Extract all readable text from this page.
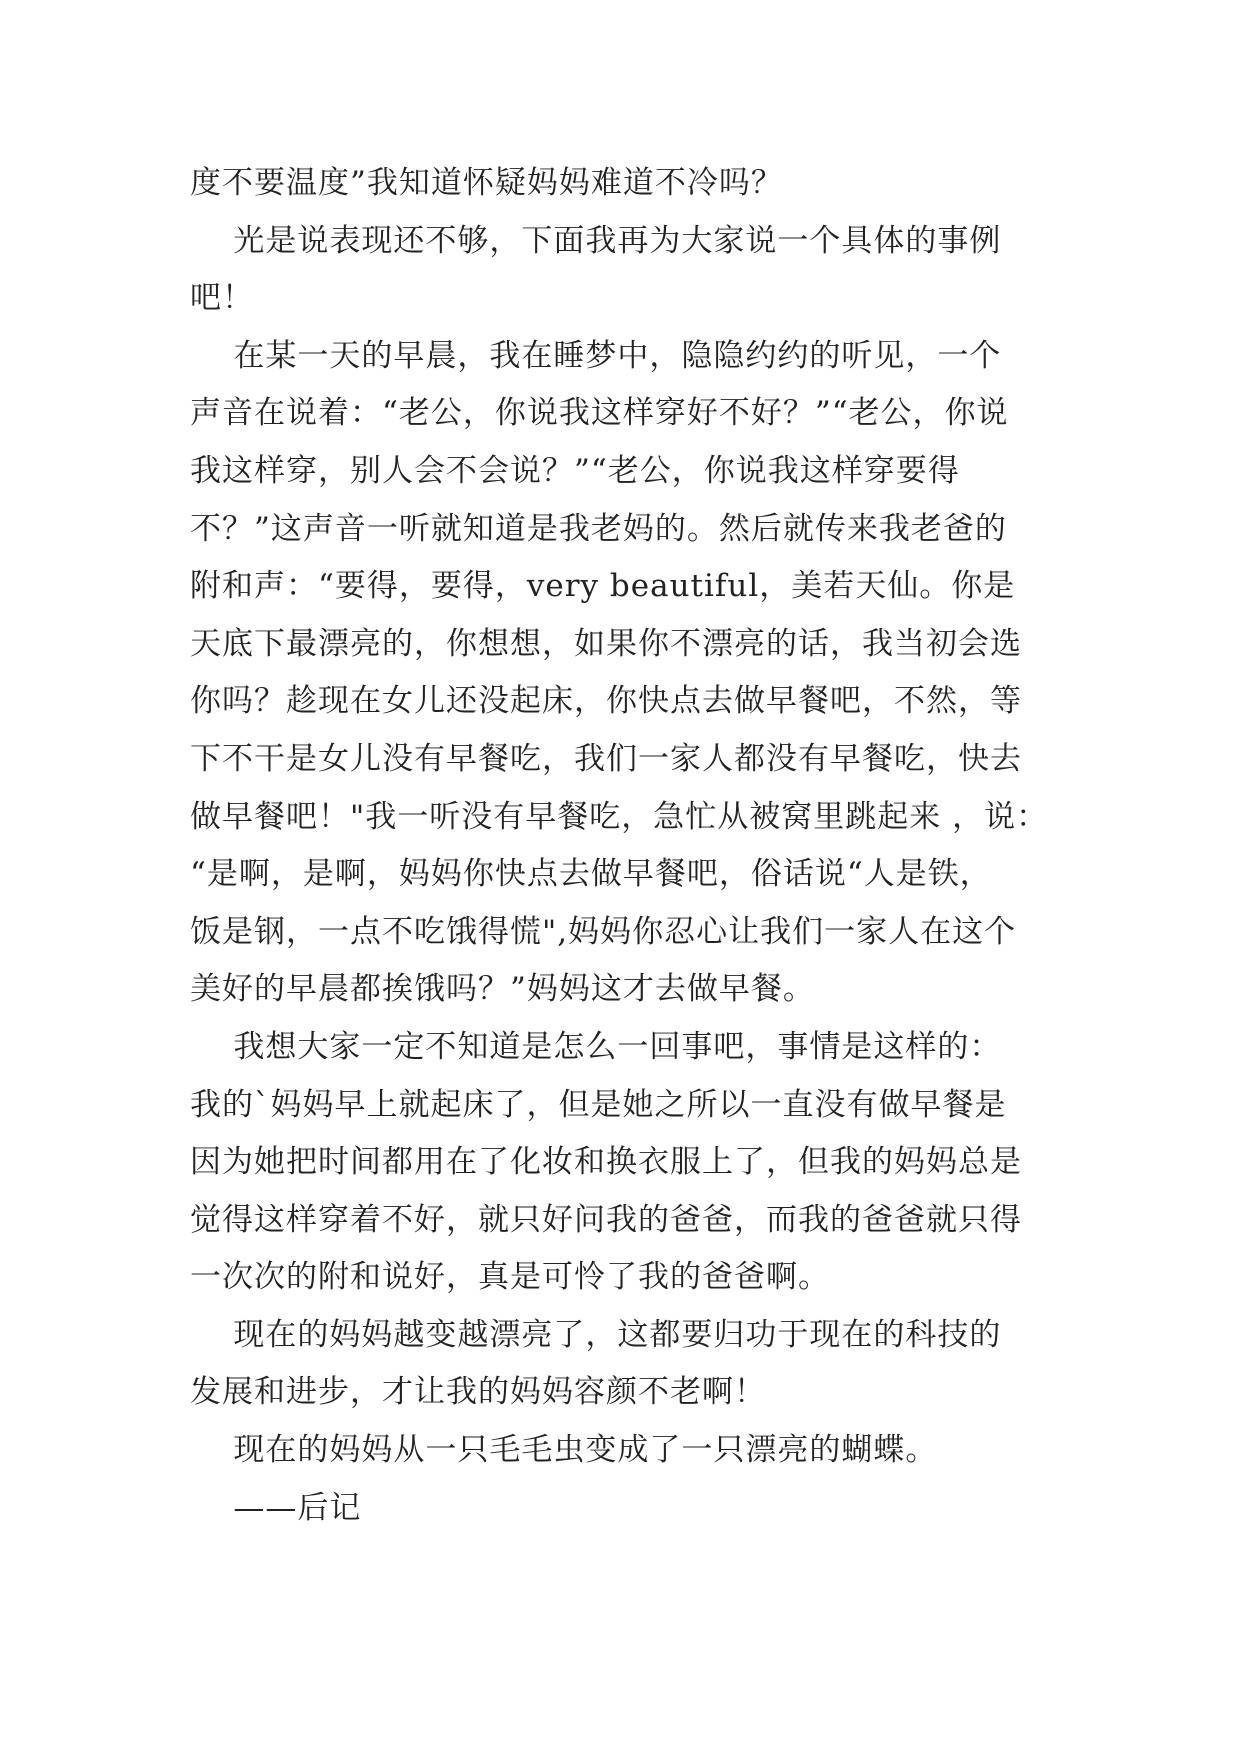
度不要温度”我知道怀疑妈妈难道不冷吗？

光是说表现还不够，下面我再为大家说一个具体的事例

吧！

在某一天的早晨，我在睡梦中，隐隐约约的听见，一个

声音在说着：“老公，你说我这样穿好不好？”“老公，你说

我这样穿，别人会不会说？”“老公，你说我这样穿要得

不？”这声音一听就知道是我老妈的。然后就传来我老爸的

附和声：“要得，要得，very beautiful，美若天仙。你是

天底下最漂亮的，你想想，如果你不漂亮的话，我当初会选

你吗？趁现在女儿还没起床，你快点去做早餐吧，不然，等

下不干是女儿没有早餐吃，我们一家人都没有早餐吃，快去

做早餐吧！"我一听没有早餐吃，急忙从被窝里跳起来 ，说：

“是啊，是啊，妈妈你快点去做早餐吧，俗话说“人是铁，

饭是钢，一点不吃饿得慌",妈妈你忍心让我们一家人在这个

美好的早晨都挨饿吗？”妈妈这才去做早餐。

我想大家一定不知道是怎么一回事吧，事情是这样的：

我的`妈妈早上就起床了，但是她之所以一直没有做早餐是

因为她把时间都用在了化妆和换衣服上了，但我的妈妈总是

觉得这样穿着不好，就只好问我的爸爸，而我的爸爸就只得

一次次的附和说好，真是可怜了我的爸爸啊。

现在的妈妈越变越漂亮了，这都要归功于现在的科技的

发展和进步，才让我的妈妈容颜不老啊！

现在的妈妈从一只毛毛虫变成了一只漂亮的蝴蝶。

——后记
